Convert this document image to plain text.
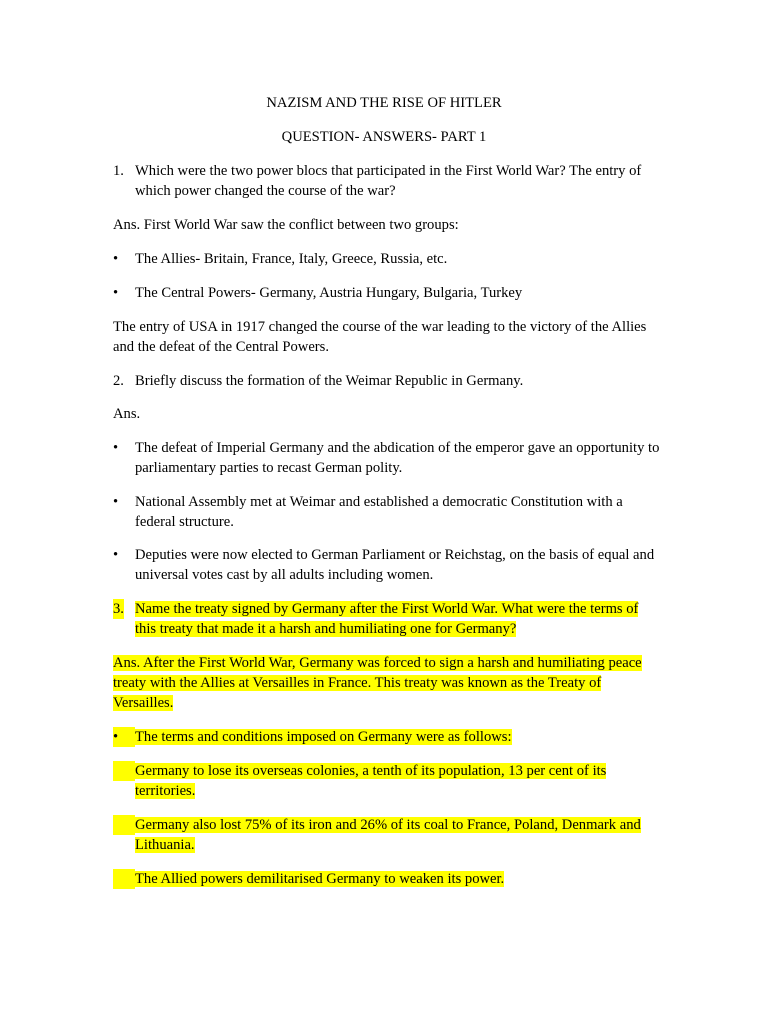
NAZISM AND THE RISE OF HITLER
QUESTION- ANSWERS- PART 1
1. Which were the two power blocs that participated in the First World War? The entry of
which power changed the course of the war?
Ans. First World War saw the conflict between two groups:
• The Allies- Britain, France, Italy, Greece, Russia, etc.
• The Central Powers- Germany, Austria Hungary, Bulgaria, Turkey
The entry of USA in 1917 changed the course of the war leading to the victory of the Allies
and the defeat of the Central Powers.
2. Briefly discuss the formation of the Weimar Republic in Germany.
Ans.
• The defeat of Imperial Germany and the abdication of the emperor gave an opportunity to
parliamentary parties to recast German polity.
• National Assembly met at Weimar and established a democratic Constitution with a
federal structure.
• Deputies were now elected to German Parliament or Reichstag, on the basis of equal and
universal votes cast by all adults including women.
3. Name the treaty signed by Germany after the First World War. What were the terms of
this treaty that made it a harsh and humiliating one for Germany?
Ans. After the First World War, Germany was forced to sign a harsh and humiliating peace
treaty with the Allies at Versailles in France. This treaty was known as the Treaty of
Versailles.
• The terms and conditions imposed on Germany were as follows:
Germany to lose its overseas colonies, a tenth of its population, 13 per cent of its
territories.
Germany also lost 75% of its iron and 26% of its coal to France, Poland, Denmark and
Lithuania.
The Allied powers demilitarised Germany to weaken its power.
